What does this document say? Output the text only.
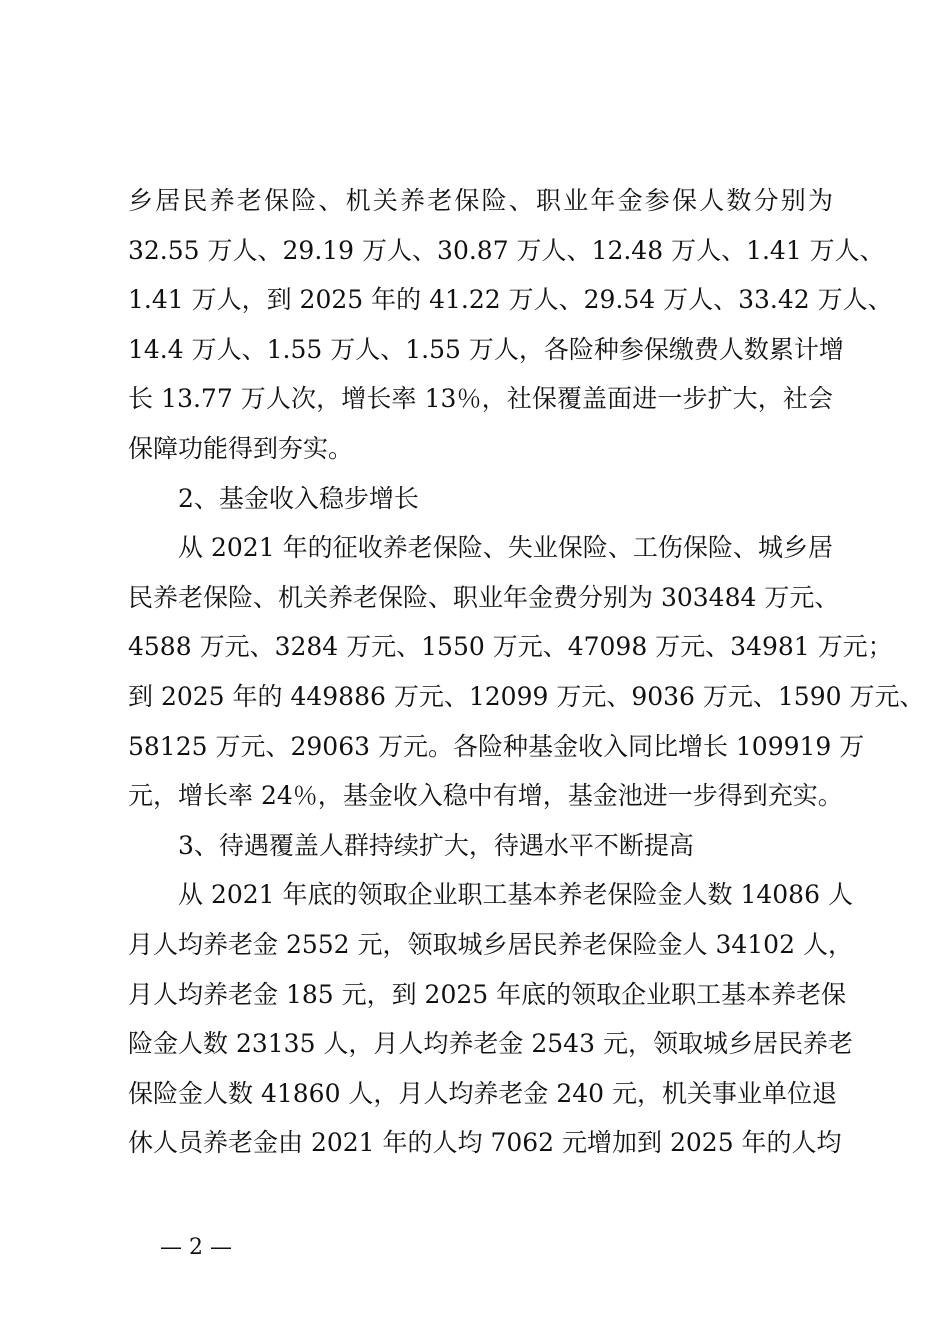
乡居民养老保险、机关养老保险、职业年金参保人数分别为
32.55 万人、29.19 万人、30.87 万人、12.48 万人、1.41 万人、
1.41 万人，到 2025 年的 41.22 万人、29.54 万人、33.42 万人、
14.4 万人、1.55 万人、1.55 万人，各险种参保缴费人数累计增
长 13.77 万人次，增长率 13％，社保覆盖面进一步扩大，社会
保障功能得到夯实。
2、基金收入稳步增长
从 2021 年的征收养老保险、失业保险、工伤保险、城乡居
民养老保险、机关养老保险、职业年金费分别为 303484 万元、
4588 万元、3284 万元、1550 万元、47098 万元、34981 万元；
到 2025 年的 449886 万元、12099 万元、9036 万元、1590 万元、
58125 万元、29063 万元。各险种基金收入同比增长 109919 万
元，增长率 24％，基金收入稳中有增，基金池进一步得到充实。
3、待遇覆盖人群持续扩大，待遇水平不断提高
从 2021 年底的领取企业职工基本养老保险金人数 14086 人
月人均养老金 2552 元，领取城乡居民养老保险金人 34102 人，
月人均养老金 185 元，到 2025 年底的领取企业职工基本养老保
险金人数 23135 人，月人均养老金 2543 元，领取城乡居民养老
保险金人数 41860 人，月人均养老金 240 元，机关事业单位退
休人员养老金由 2021 年的人均 7062 元增加到 2025 年的人均
— 2 —
